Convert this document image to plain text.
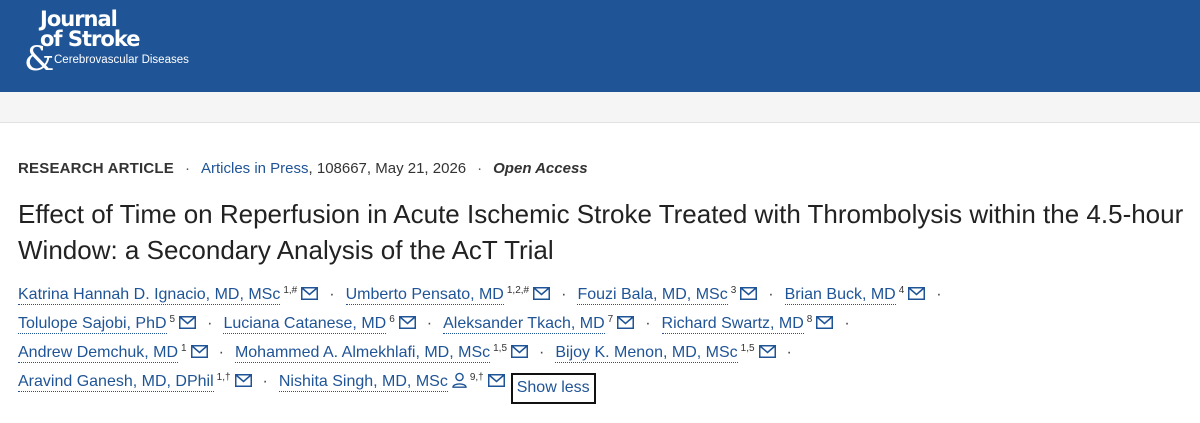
Journal
of Stroke
& Cerebrovascular Diseases
RESEARCH ARTICLE · Articles in Press, 108667, May 21, 2026 · Open Access
Effect of Time on Reperfusion in Acute Ischemic Stroke Treated with Thrombolysis within the 4.5-hour Window: a Secondary Analysis of the AcT Trial
Katrina Hannah D. Ignacio, MD, MSc $^{1,\#}$ · Umberto Pensato, MD $^{1,2,\#}$ · Fouzi Bala, MD, MSc $^3$ · Brian Buck, MD $^4$ ·
Tolulope Sajobi, PhD $^5$ · Luciana Catanese, MD $^6$ · Aleksander Tkach, MD $^7$ · Richard Swartz, MD $^8$ ·
Andrew Demchuk, MD $^1$ · Mohammed A. Almekhlafi, MD, MSc $^{1,5}$ · Bijoy K. Menon, MD, MSc $^{1,5}$ ·
Aravind Ganesh, MD, DPhil $^{1,\dagger}$ · Nishita Singh, MD, MSc $^{9,\dagger}$Show less
